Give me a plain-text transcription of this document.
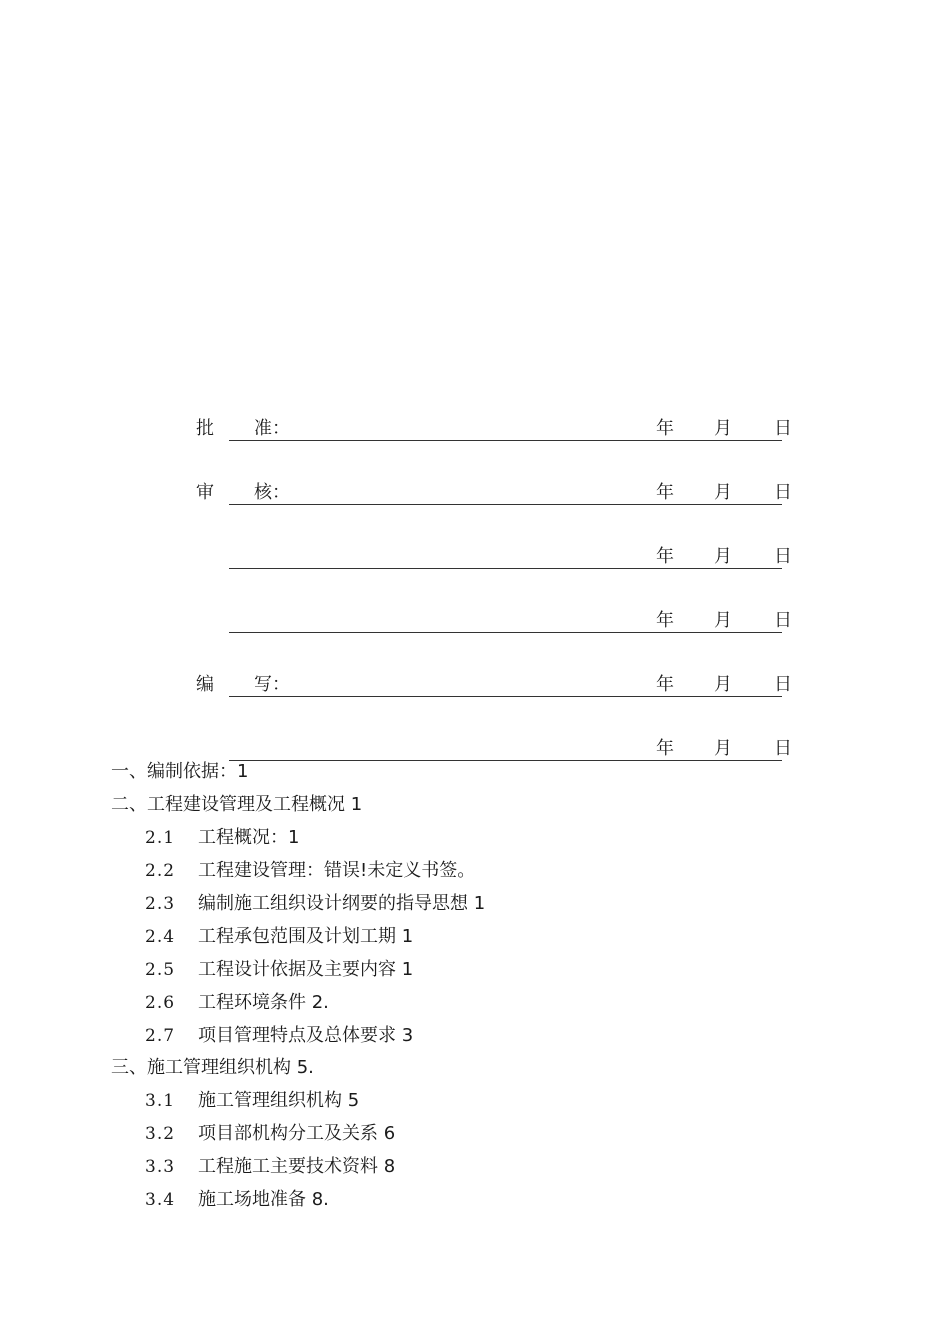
批	准：	年 月 日
审	核：	年 月 日
年 月 日
年 月 日
编	写：	年 月 日
年 月 日
一、编制依据：1
二、工程建设管理及工程概况 1
2.1 工程概况：1
2.2 工程建设管理：错误!未定义书签。
2.3 编制施工组织设计纲要的指导思想 1
2.4 工程承包范围及计划工期 1
2.5 工程设计依据及主要内容 1
2.6 工程环境条件 2.
2.7 项目管理特点及总体要求 3
三、施工管理组织机构 5.
3.1 施工管理组织机构 5
3.2 项目部机构分工及关系 6
3.3 工程施工主要技术资料 8
3.4 施工场地准备 8.
